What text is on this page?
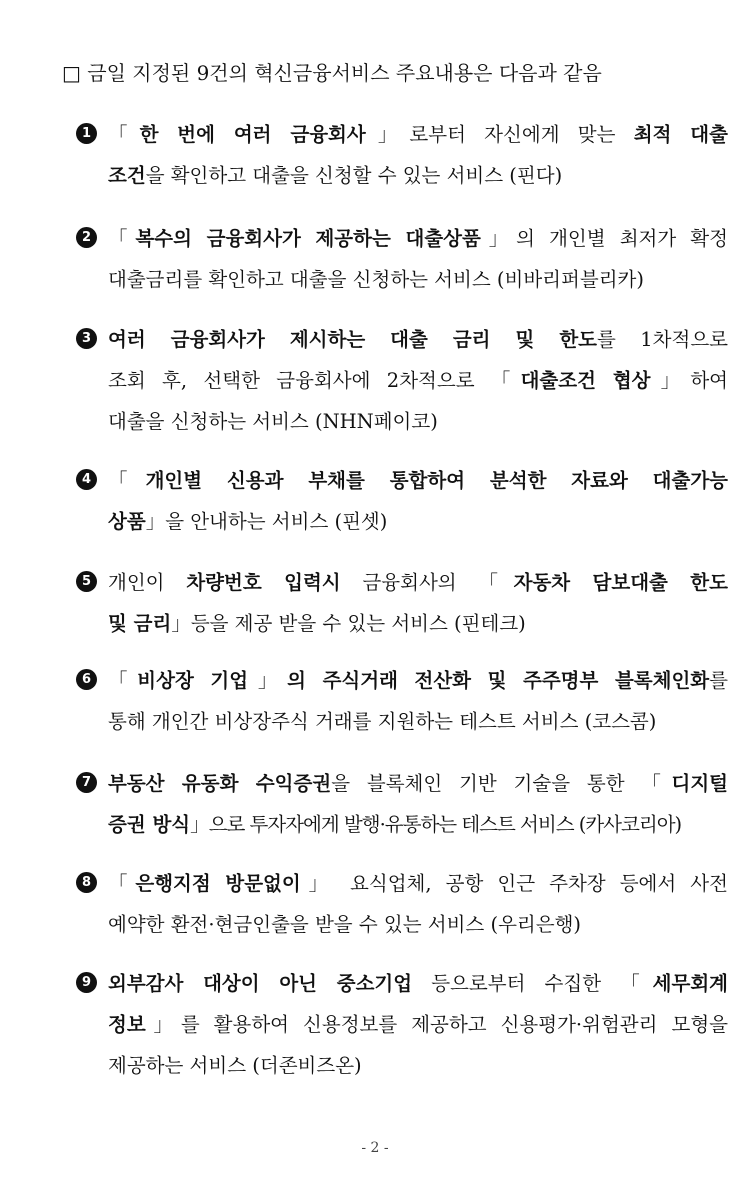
□ 금일 지정된 9건의 혁신금융서비스 주요내용은 다음과 같음
1 「한 번에 여러 금융회사」로부터 자신에게 맞는 최적 대출
조건을 확인하고 대출을 신청할 수 있는 서비스 (핀다)
2 「복수의 금융회사가 제공하는 대출상품」의 개인별 최저가 확정
대출금리를 확인하고 대출을 신청하는 서비스 (비바리퍼블리카)
3 여러 금융회사가 제시하는 대출 금리 및 한도를 1차적으로
조회 후, 선택한 금융회사에 2차적으로 「대출조건 협상」하여
대출을 신청하는 서비스 (NHN페이코)
4 「개인별 신용과 부채를 통합하여 분석한 자료와 대출가능
상품」을 안내하는 서비스 (핀셋)
5 개인이 차량번호 입력시 금융회사의 「자동차 담보대출 한도
및 금리」등을 제공 받을 수 있는 서비스 (핀테크)
6 「비상장 기업」의 주식거래 전산화 및 주주명부 블록체인화를
통해 개인간 비상장주식 거래를 지원하는 테스트 서비스 (코스콤)
7 부동산 유동화 수익증권을 블록체인 기반 기술을 통한 「디지털
증권 방식」으로 투자자에게 발행·유통하는 테스트 서비스 (카사코리아)
8 「은행지점 방문없이」 요식업체, 공항 인근 주차장 등에서 사전
예약한 환전·현금인출을 받을 수 있는 서비스 (우리은행)
9 외부감사 대상이 아닌 중소기업 등으로부터 수집한 「세무회계
정보」를 활용하여 신용정보를 제공하고 신용평가·위험관리 모형을
제공하는 서비스 (더존비즈온)
- 2 -
